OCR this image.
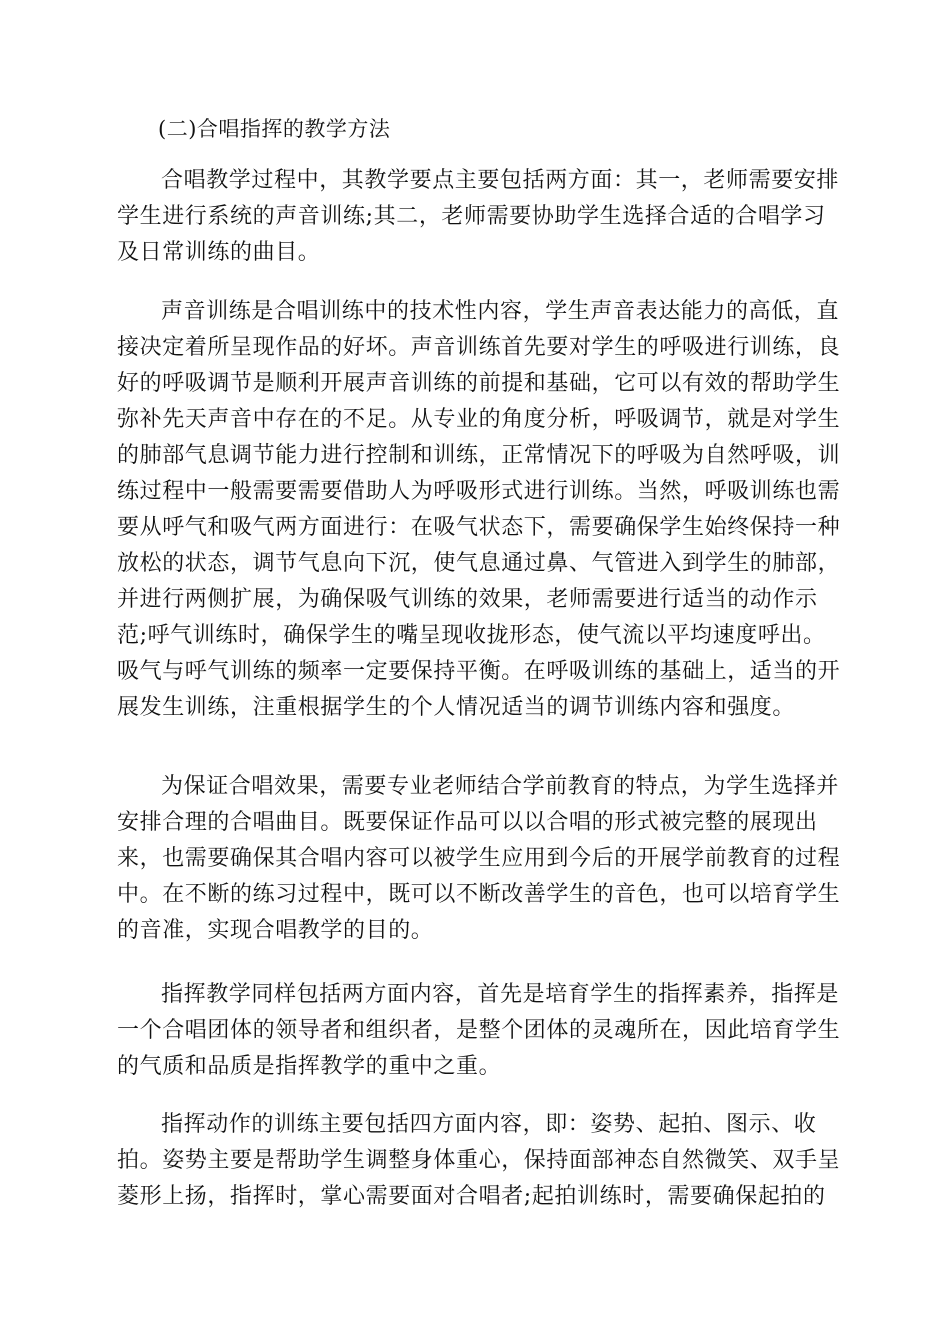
(二)合唱指挥的教学方法
合唱教学过程中，其教学要点主要包括两方面：其一，老师需要安排
学生进行系统的声音训练;其二，老师需要协助学生选择合适的合唱学习
及日常训练的曲目。
声音训练是合唱训练中的技术性内容，学生声音表达能力的高低，直
接决定着所呈现作品的好坏。声音训练首先要对学生的呼吸进行训练，良
好的呼吸调节是顺利开展声音训练的前提和基础，它可以有效的帮助学生
弥补先天声音中存在的不足。从专业的角度分析，呼吸调节，就是对学生
的肺部气息调节能力进行控制和训练，正常情况下的呼吸为自然呼吸，训
练过程中一般需要需要借助人为呼吸形式进行训练。当然，呼吸训练也需
要从呼气和吸气两方面进行：在吸气状态下，需要确保学生始终保持一种
放松的状态，调节气息向下沉，使气息通过鼻、气管进入到学生的肺部，
并进行两侧扩展，为确保吸气训练的效果，老师需要进行适当的动作示
范;呼气训练时，确保学生的嘴呈现收拢形态，使气流以平均速度呼出。
吸气与呼气训练的频率一定要保持平衡。在呼吸训练的基础上，适当的开
展发生训练，注重根据学生的个人情况适当的调节训练内容和强度。
为保证合唱效果，需要专业老师结合学前教育的特点，为学生选择并
安排合理的合唱曲目。既要保证作品可以以合唱的形式被完整的展现出
来，也需要确保其合唱内容可以被学生应用到今后的开展学前教育的过程
中。在不断的练习过程中，既可以不断改善学生的音色，也可以培育学生
的音准，实现合唱教学的目的。
指挥教学同样包括两方面内容，首先是培育学生的指挥素养，指挥是
一个合唱团体的领导者和组织者，是整个团体的灵魂所在，因此培育学生
的气质和品质是指挥教学的重中之重。
指挥动作的训练主要包括四方面内容，即：姿势、起拍、图示、收
拍。姿势主要是帮助学生调整身体重心，保持面部神态自然微笑、双手呈
菱形上扬，指挥时，掌心需要面对合唱者;起拍训练时，需要确保起拍的
